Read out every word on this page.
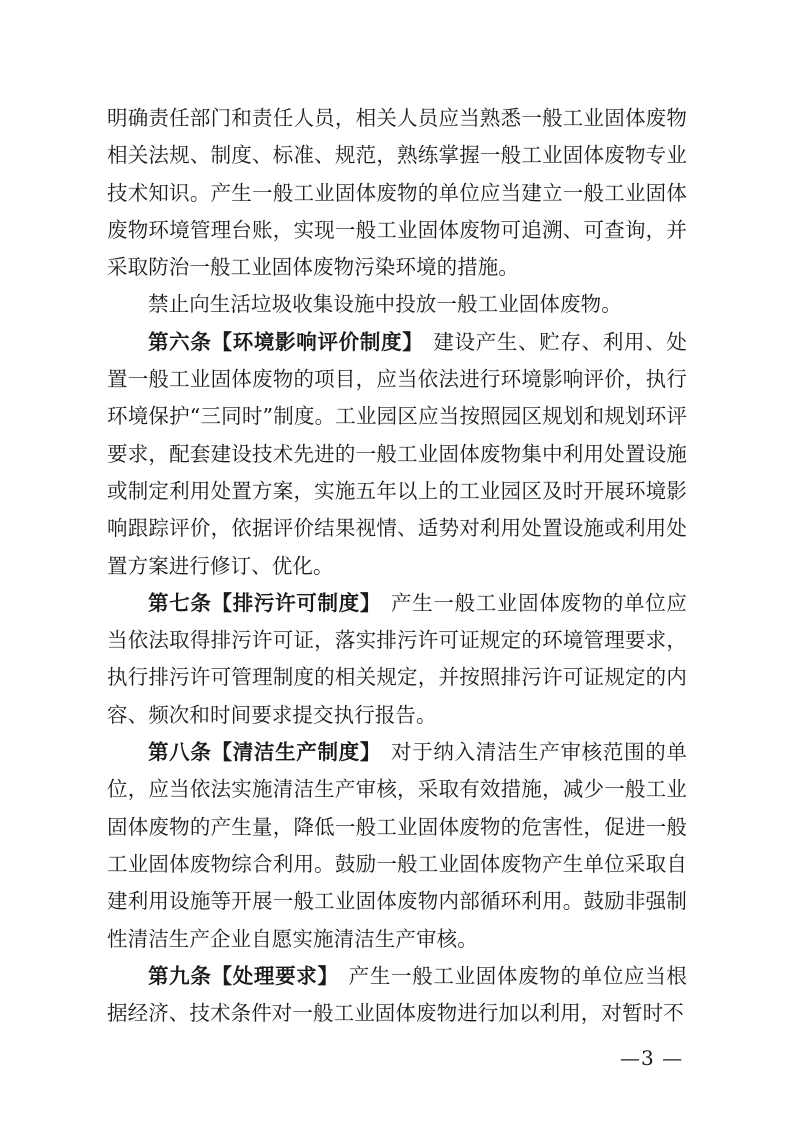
明确责任部门和责任人员，相关人员应当熟悉一般工业固体废物相关法规、制度、标准、规范，熟练掌握一般工业固体废物专业技术知识。产生一般工业固体废物的单位应当建立一般工业固体废物环境管理台账，实现一般工业固体废物可追溯、可查询，并采取防治一般工业固体废物污染环境的措施。

禁止向生活垃圾收集设施中投放一般工业固体废物。

第六条【环境影响评价制度】 建设产生、贮存、利用、处置一般工业固体废物的项目，应当依法进行环境影响评价，执行环境保护“三同时”制度。工业园区应当按照园区规划和规划环评要求，配套建设技术先进的一般工业固体废物集中利用处置设施或制定利用处置方案，实施五年以上的工业园区及时开展环境影响跟踪评价，依据评价结果视情、适势对利用处置设施或利用处置方案进行修订、优化。

第七条【排污许可制度】 产生一般工业固体废物的单位应当依法取得排污许可证，落实排污许可证规定的环境管理要求，执行排污许可管理制度的相关规定，并按照排污许可证规定的内容、频次和时间要求提交执行报告。

第八条【清洁生产制度】 对于纳入清洁生产审核范围的单位，应当依法实施清洁生产审核，采取有效措施，减少一般工业固体废物的产生量，降低一般工业固体废物的危害性，促进一般工业固体废物综合利用。鼓励一般工业固体废物产生单位采取自建利用设施等开展一般工业固体废物内部循环利用。鼓励非强制性清洁生产企业自愿实施清洁生产审核。

第九条【处理要求】 产生一般工业固体废物的单位应当根据经济、技术条件对一般工业固体废物进行加以利用，对暂时不

—3 —
